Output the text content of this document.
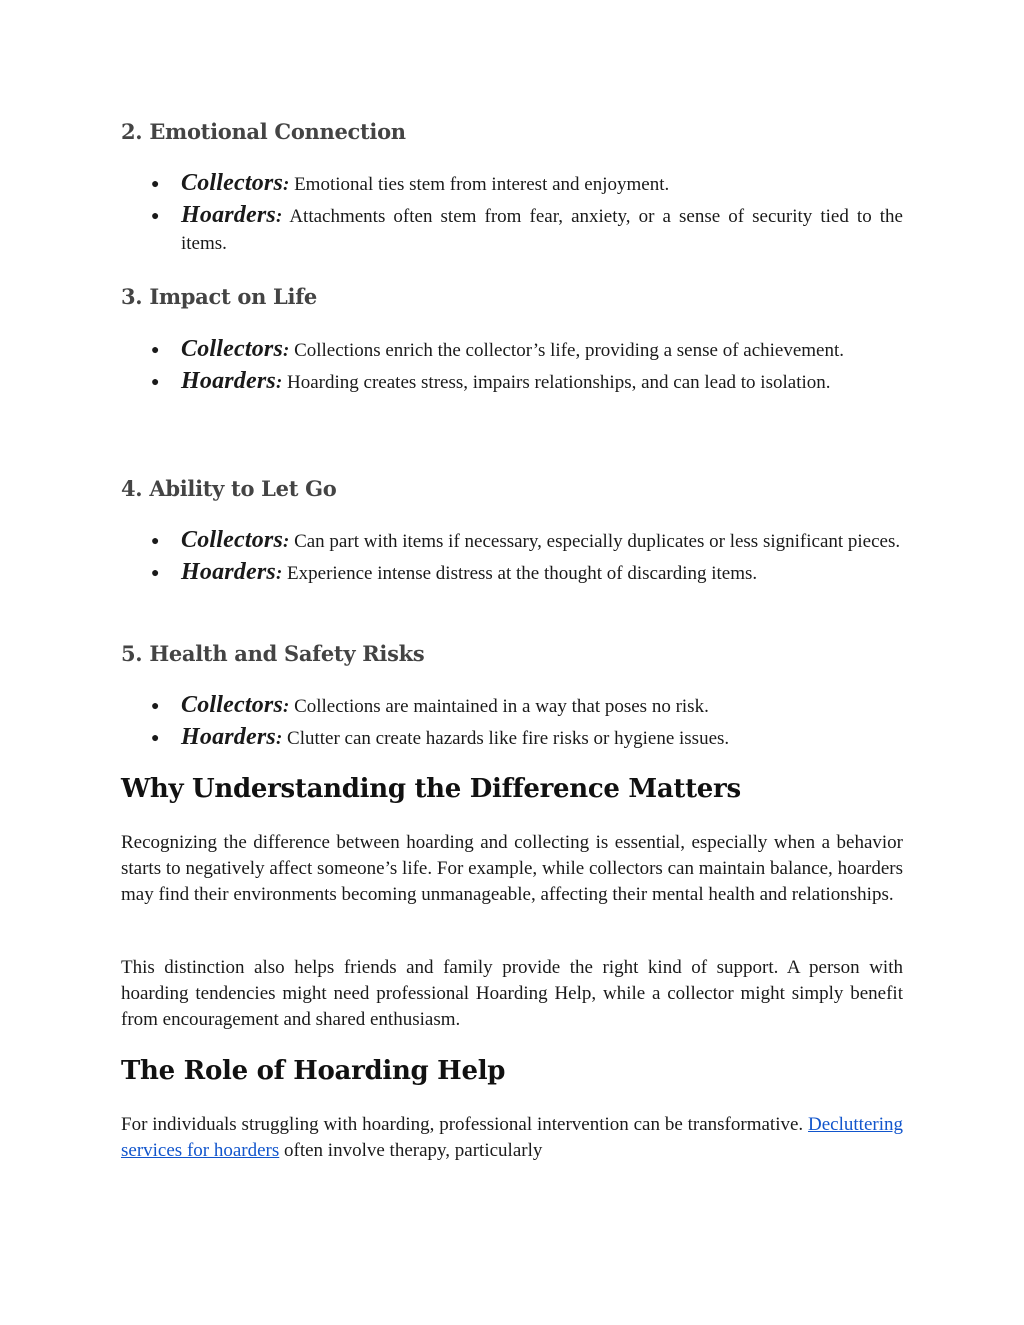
2. Emotional Connection
● Collectors: Emotional ties stem from interest and enjoyment.
● Hoarders: Attachments often stem from fear, anxiety, or a sense of security tied to the items.
3. Impact on Life
● Collectors: Collections enrich the collector’s life, providing a sense of achievement.
● Hoarders: Hoarding creates stress, impairs relationships, and can lead to isolation.
4. Ability to Let Go
● Collectors: Can part with items if necessary, especially duplicates or less significant pieces.
● Hoarders: Experience intense distress at the thought of discarding items.
5. Health and Safety Risks
● Collectors: Collections are maintained in a way that poses no risk.
● Hoarders: Clutter can create hazards like fire risks or hygiene issues.
Why Understanding the Difference Matters

Recognizing the difference between hoarding and collecting is essential, especially when a behavior starts to negatively affect someone’s life. For example, while collectors can maintain balance, hoarders may find their environments becoming unmanageable, affecting their mental health and relationships.

This distinction also helps friends and family provide the right kind of support. A person with hoarding tendencies might need professional Hoarding Help, while a collector might simply benefit from encouragement and shared enthusiasm.

The Role of Hoarding Help

For individuals struggling with hoarding, professional intervention can be transformative. Decluttering services for hoarders often involve therapy, particularly
